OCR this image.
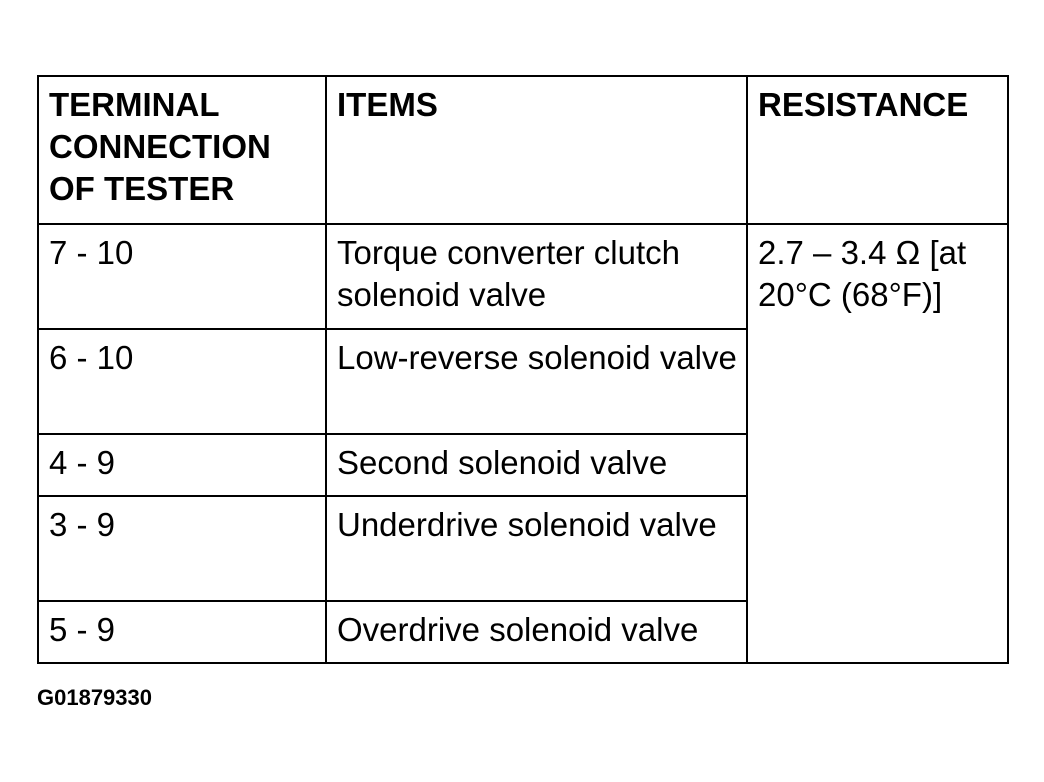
TERMINAL CONNECTION OF TESTER	ITEMS	RESISTANCE
7 - 10	Torque converter clutch solenoid valve	2.7 – 3.4 Ω [at 20°C (68°F)]
6 - 10	Low-reverse solenoid valve	
4 - 9	Second solenoid valve	
3 - 9	Underdrive solenoid valve	
5 - 9	Overdrive solenoid valve	
G01879330
